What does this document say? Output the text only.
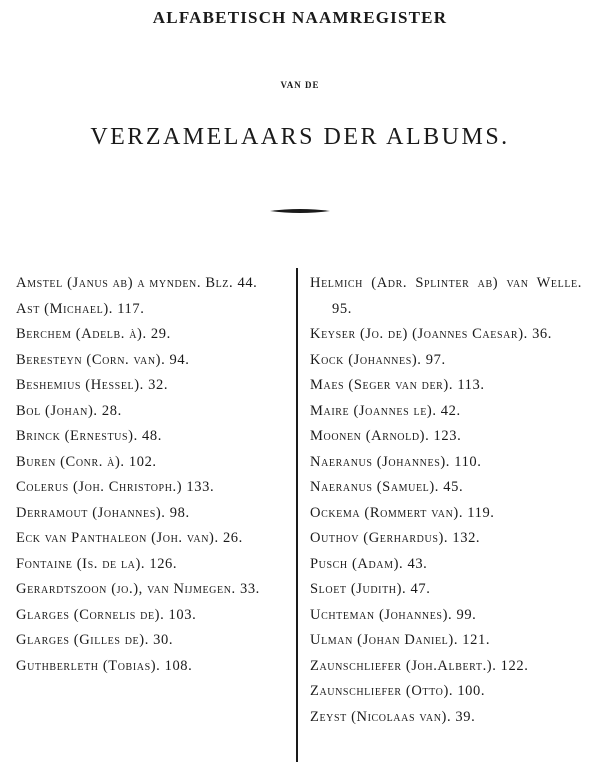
ALFABETISCH NAAMREGISTER
VAN DE
VERZAMELAARS DER ALBUMS.

Amstel (Janus ab) a mynden. Blz. 44.

Ast (Michael). 117.

Berchem (Adelb. à). 29.

Berestеyn (Corn. van). 94.

Beshemius (Hessel). 32.

Bol (Johan). 28.

Brinck (Ernestus). 48.

Buren (Conr. à). 102.

Colerus (Joh. Christoph.) 133.

Derramout (Johannes). 98.

Eck van Panthaleon (Joh. van). 26.

Fontaine (Is. de la). 126.

Gerardtszoon (jo.), van Nijmegen. 33.

Glarges (Cornelis de). 103.

Glarges (Gilles de). 30.

Guthberleth (Tobias). 108.

Helmich (Adr. Splinter ab) van Welle. 95.

Keyser (Jo. de) (Joannes Caesar). 36.

Kock (Johannes). 97.

Maes (Seger van der). 113.

Maire (Joannes le). 42.

Moonen (Arnold). 123.

Naeranus (Johannes). 110.

Naeranus (Samuel). 45.

Ockema (Rommert van). 119.

Outhov (Gerhardus). 132.

Pusch (Adam). 43.

Sloet (Judith). 47.

Uchteman (Johannes). 99.

Ulman (Johan Daniel). 121.

Zaunschliefer (Joh.Albert.). 122.

Zaunschliefer (Otto). 100.

Zeyst (Nicolaas van). 39.
